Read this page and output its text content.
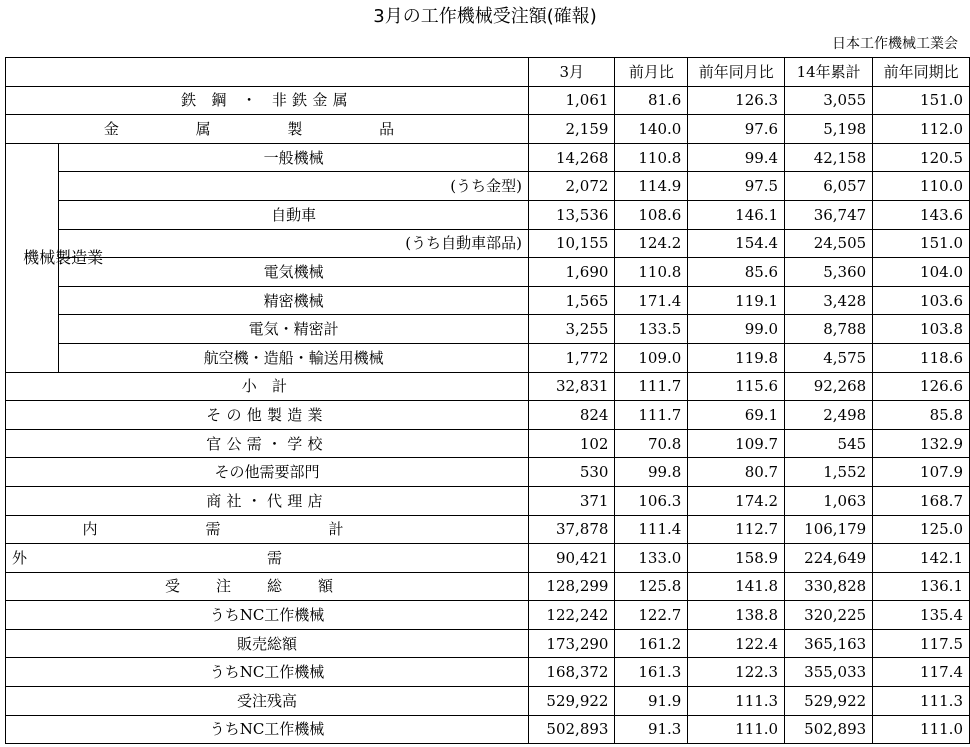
3月の工作機械受注額(確報)
日本工作機械工業会
		3月	前月比	前年同月比	14年累計	前年同期比
鉄 鋼 ・ 非鉄金属		1,061	81.6	126.3	3,055	151.0
金 属 製 品		2,159	140.0	97.6	5,198	112.0
機械製造業	一般機械	14,268	110.8	99.4	42,158	120.5
	(うち金型)	2,072	114.9	97.5	6,057	110.0
	自動車	13,536	108.6	146.1	36,747	143.6
	(うち自動車部品)	10,155	124.2	154.4	24,505	151.0
	電気機械	1,690	110.8	85.6	5,360	104.0
	精密機械	1,565	171.4	119.1	3,428	103.6
	電気・精密計	3,255	133.5	99.0	8,788	103.8
	航空機・造船・輸送用機械	1,772	109.0	119.8	4,575	118.6
小 計		32,831	111.7	115.6	92,268	126.6
その他製造業		824	111.7	69.1	2,498	85.8
官公需・学校		102	70.8	109.7	545	132.9
その他需要部門		530	99.8	80.7	1,552	107.9
商社・代理店		371	106.3	174.2	1,063	168.7
内需計		37,878	111.4	112.7	106,179	125.0
外需		90,421	133.0	158.9	224,649	142.1
受注総額		128,299	125.8	141.8	330,828	136.1
うちNC工作機械		122,242	122.7	138.8	320,225	135.4
販売総額		173,290	161.2	122.4	365,163	117.5
うちNC工作機械		168,372	161.3	122.3	355,033	117.4
受注残高		529,922	91.9	111.3	529,922	111.3
うちNC工作機械		502,893	91.3	111.0	502,893	111.0
